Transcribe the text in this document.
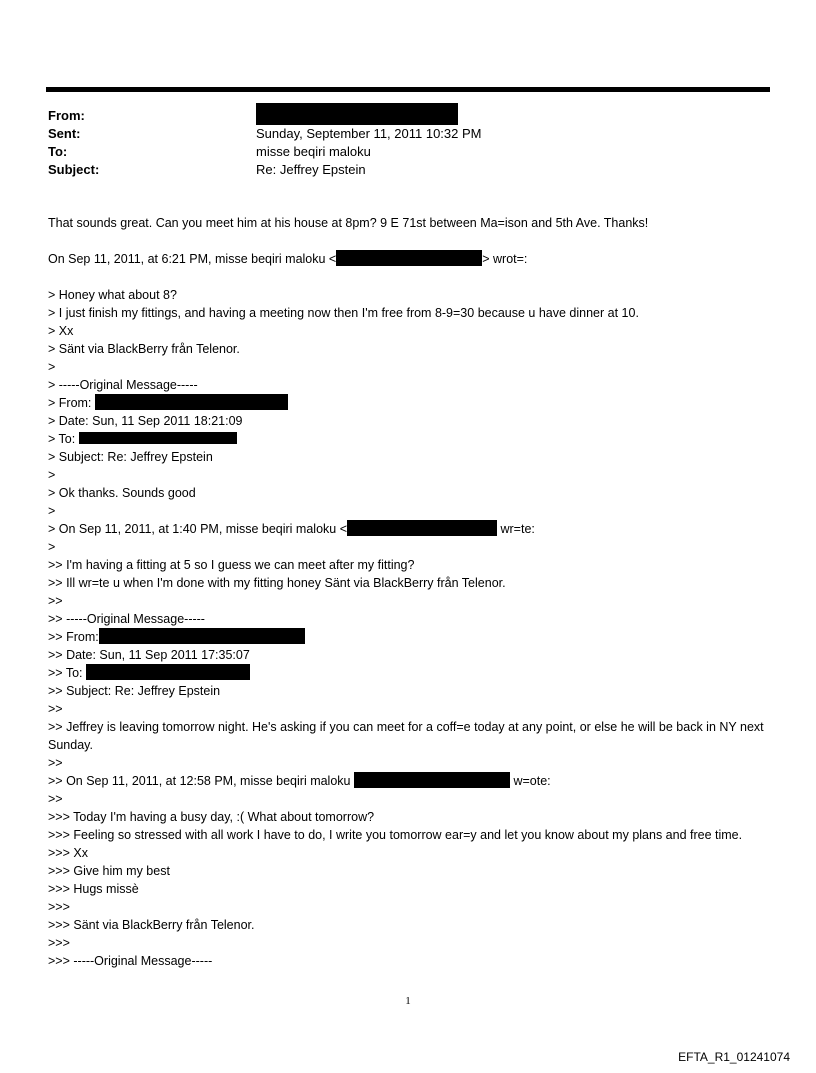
From:
Sent:	Sunday, September 11, 2011 10:32 PM
To:	misse beqiri maloku
Subject:	Re: Jeffrey Epstein
That sounds great. Can you meet him at his house at 8pm? 9 E 71st between Ma=ison and 5th Ave. Thanks!
On Sep 11, 2011, at 6:21 PM, misse beqiri maloku <	> wrot=:
> Honey what about 8?
> I just finish my fittings, and having a meeting now then I'm free from 8-9=30 because u have dinner at 10.
> Xx
> Sänt via BlackBerry från Telenor.
>
> -----Original Message-----
> From:
> Date: Sun, 11 Sep 2011 18:21:09
> To:
> Subject: Re: Jeffrey Epstein
>
> Ok thanks. Sounds good
>
> On Sep 11, 2011, at 1:40 PM, misse beqiri maloku <	wr=te:
>
>> I'm having a fitting at 5 so I guess we can meet after my fitting?
>> Ill wr=te u when I'm done with my fitting honey Sänt via BlackBerry från Telenor.
>>
>> -----Original Message-----
>> From:
>> Date: Sun, 11 Sep 2011 17:35:07
>> To:
>> Subject: Re: Jeffrey Epstein
>>
>> Jeffrey is leaving tomorrow night. He's asking if you can meet for a coff=e today at any point, or else he will be back in NY next Sunday.
>>
>> On Sep 11, 2011, at 12:58 PM, misse beqiri maloku	w=ote:
>>
>>> Today I'm having a busy day, :( What about tomorrow?
>>> Feeling so stressed with all work I have to do, I write you tomorrow ear=y and let you know about my plans and free time.
>>> Xx
>>> Give him my best
>>> Hugs missè
>>>
>>> Sänt via BlackBerry från Telenor.
>>>
>>> -----Original Message-----
1
EFTA_R1_01241074
